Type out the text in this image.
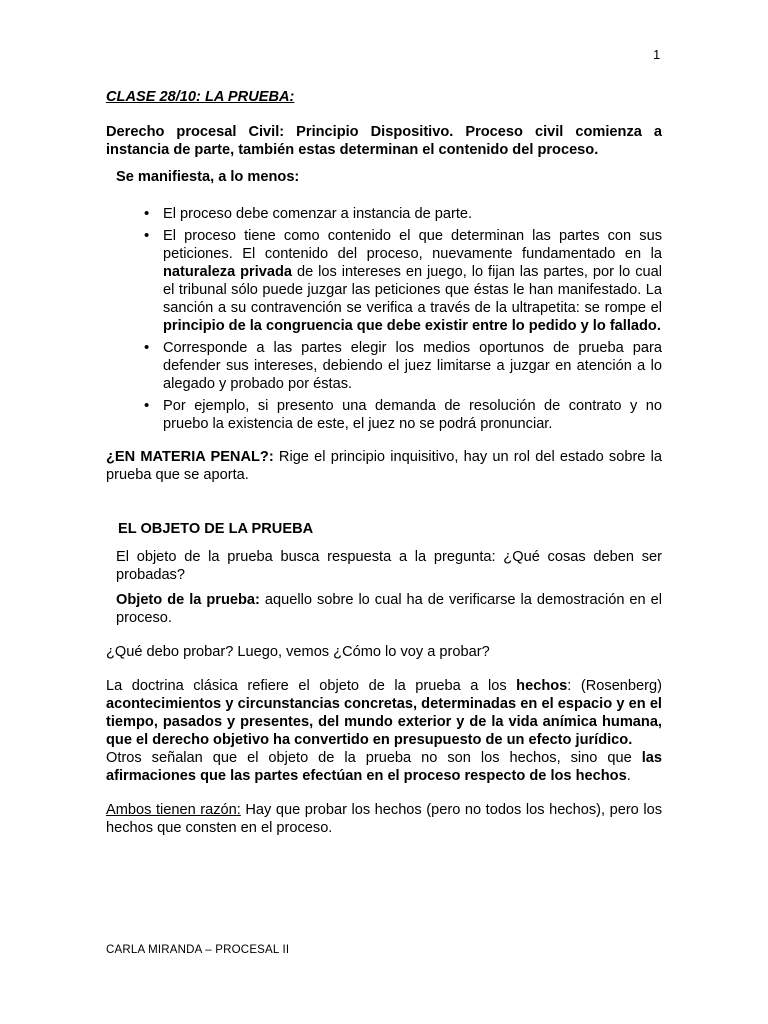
1

CLASE 28/10: LA PRUEBA:

Derecho procesal Civil: Principio Dispositivo. Proceso civil comienza a instancia de parte, también estas determinan el contenido del proceso.

Se manifiesta, a lo menos:

• El proceso debe comenzar a instancia de parte.
• El proceso tiene como contenido el que determinan las partes con sus peticiones. El contenido del proceso, nuevamente fundamentado en la naturaleza privada de los intereses en juego, lo fijan las partes, por lo cual el tribunal sólo puede juzgar las peticiones que éstas le han manifestado. La sanción a su contravención se verifica a través de la ultrapetita: se rompe el principio de la congruencia que debe existir entre lo pedido y lo fallado.
• Corresponde a las partes elegir los medios oportunos de prueba para defender sus intereses, debiendo el juez limitarse a juzgar en atención a lo alegado y probado por éstas.
• Por ejemplo, si presento una demanda de resolución de contrato y no pruebo la existencia de este, el juez no se podrá pronunciar.

¿EN MATERIA PENAL?: Rige el principio inquisitivo, hay un rol del estado sobre la prueba que se aporta.

EL OBJETO DE LA PRUEBA

El objeto de la prueba busca respuesta a la pregunta: ¿Qué cosas deben ser probadas?

Objeto de la prueba: aquello sobre lo cual ha de verificarse la demostración en el proceso.

¿Qué debo probar? Luego, vemos ¿Cómo lo voy a probar?

La doctrina clásica refiere el objeto de la prueba a los hechos: (Rosenberg) acontecimientos y circunstancias concretas, determinadas en el espacio y en el tiempo, pasados y presentes, del mundo exterior y de la vida anímica humana, que el derecho objetivo ha convertido en presupuesto de un efecto jurídico.
Otros señalan que el objeto de la prueba no son los hechos, sino que las afirmaciones que las partes efectúan en el proceso respecto de los hechos.

Ambos tienen razón: Hay que probar los hechos (pero no todos los hechos), pero los hechos que consten en el proceso.

CARLA MIRANDA – PROCESAL II
